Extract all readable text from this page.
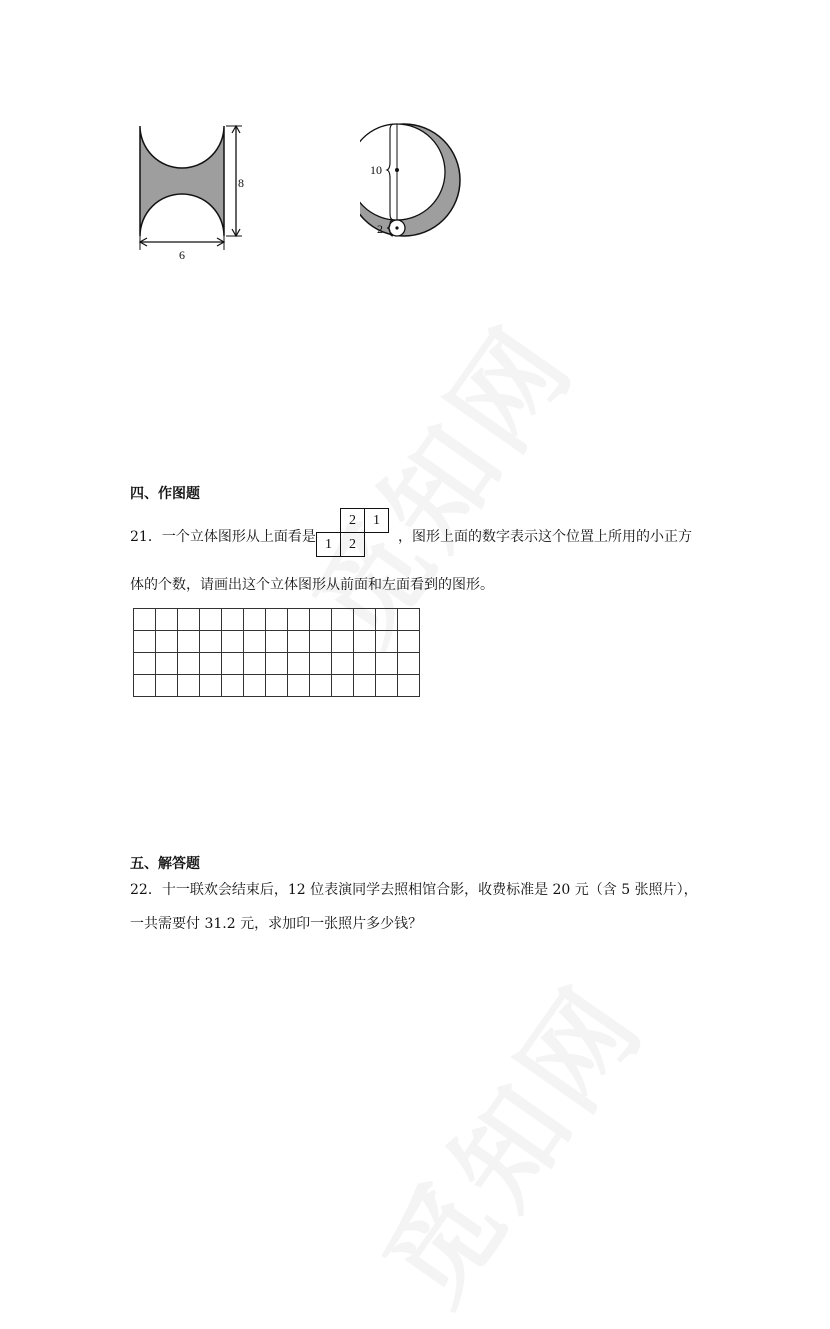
8
6
10
2
四、作图题
21．一个立体图形从上面看是
	2	1
1	2		，图形上面的数字表示这个位置上所用的小正方
体的个数，请画出这个立体图形从前面和左面看到的图形。

五、解答题
22．十一联欢会结束后，12 位表演同学去照相馆合影，收费标准是 20 元（含 5 张照片），
一共需要付 31.2 元，求加印一张照片多少钱？
